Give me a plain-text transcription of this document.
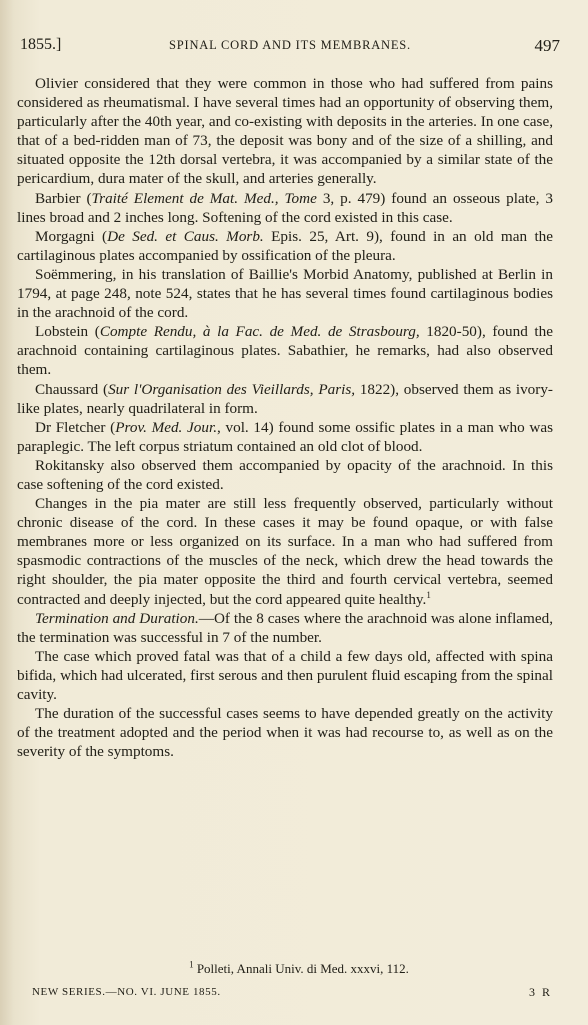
1855.]	SPINAL CORD AND ITS MEMBRANES.	497

Olivier considered that they were common in those who had suffered from pains considered as rheumatismal. I have several times had an opportunity of observing them, particularly after the 40th year, and co-existing with deposits in the arteries. In one case, that of a bed-ridden man of 73, the deposit was bony and of the size of a shilling, and situated opposite the 12th dorsal vertebra, it was accompanied by a similar state of the pericardium, dura mater of the skull, and arteries generally.

Barbier (Traité Element de Mat. Med., Tome 3, p. 479) found an osseous plate, 3 lines broad and 2 inches long. Softening of the cord existed in this case.

Morgagni (De Sed. et Caus. Morb. Epis. 25, Art. 9), found in an old man the cartilaginous plates accompanied by ossification of the pleura.

Soëmmering, in his translation of Baillie's Morbid Anatomy, published at Berlin in 1794, at page 248, note 524, states that he has several times found cartilaginous bodies in the arachnoid of the cord.

Lobstein (Compte Rendu, à la Fac. de Med. de Strasbourg, 1820-50), found the arachnoid containing cartilaginous plates. Sabathier, he remarks, had also observed them.

Chaussard (Sur l'Organisation des Vieillards, Paris, 1822), observed them as ivory-like plates, nearly quadrilateral in form.

Dr Fletcher (Prov. Med. Jour., vol. 14) found some ossific plates in a man who was paraplegic. The left corpus striatum contained an old clot of blood.

Rokitansky also observed them accompanied by opacity of the arachnoid. In this case softening of the cord existed.

Changes in the pia mater are still less frequently observed, particularly without chronic disease of the cord. In these cases it may be found opaque, or with false membranes more or less organized on its surface. In a man who had suffered from spasmodic contractions of the muscles of the neck, which drew the head towards the right shoulder, the pia mater opposite the third and fourth cervical vertebra, seemed contracted and deeply injected, but the cord appeared quite healthy.$^1$

Termination and Duration.—Of the 8 cases where the arachnoid was alone inflamed, the termination was successful in 7 of the number.

The case which proved fatal was that of a child a few days old, affected with spina bifida, which had ulcerated, first serous and then purulent fluid escaping from the spinal cavity.

The duration of the successful cases seems to have depended greatly on the activity of the treatment adopted and the period when it was had recourse to, as well as on the severity of the symptoms.

$^1$ Polleti, Annali Univ. di Med. xxxvi, 112.
NEW SERIES.—NO. VI. JUNE 1855.	3 R
